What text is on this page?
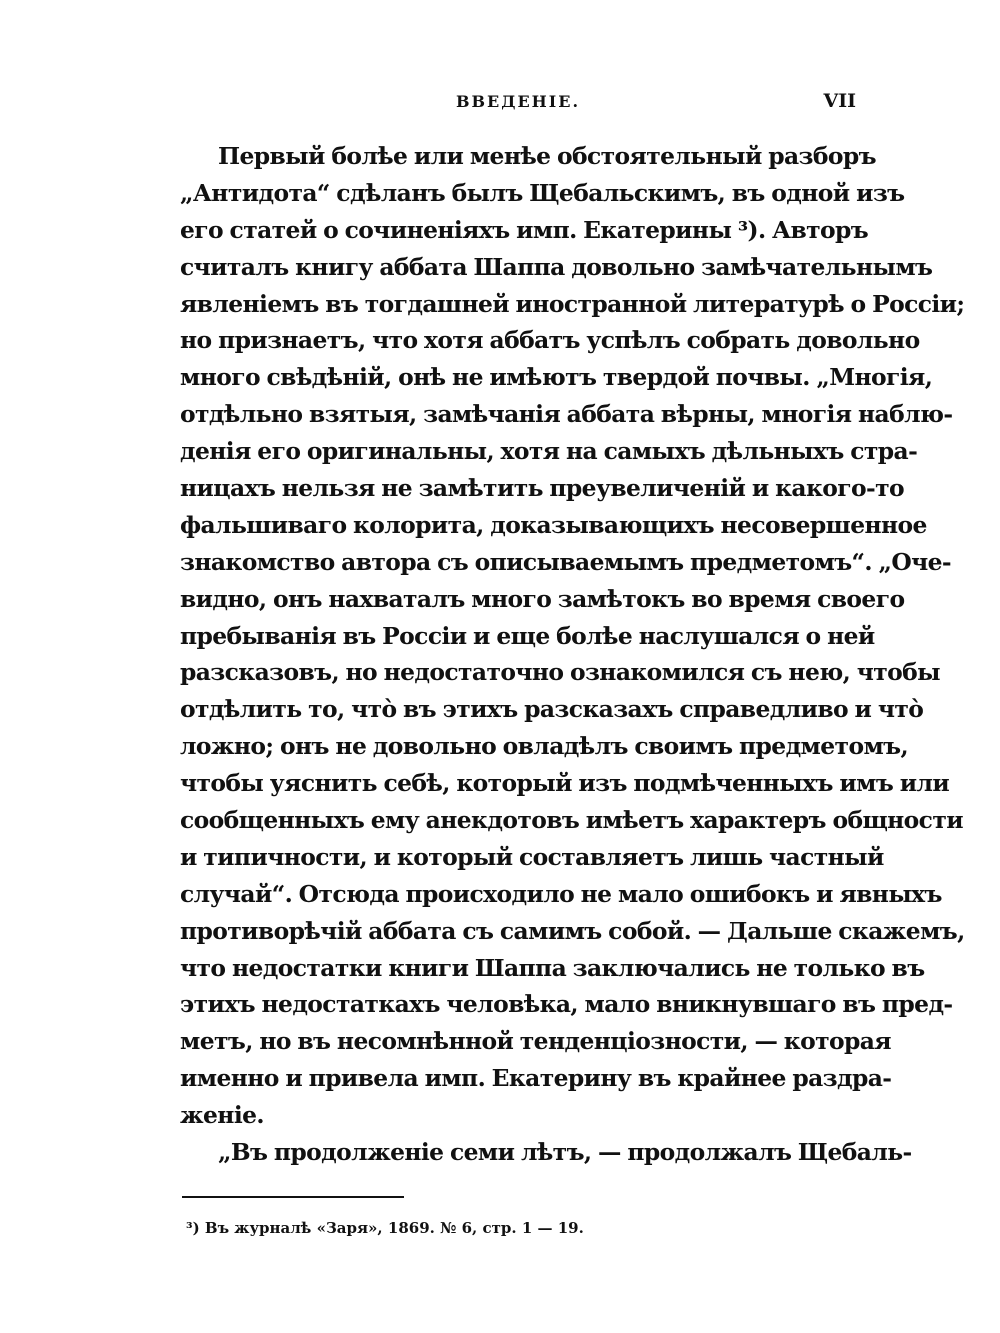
ВВЕДЕНІЕ.	VII
Первый болѣе или менѣе обстоятельный разборъ
„Антидота“ сдѣланъ былъ Щебальскимъ, въ одной изъ
его статей о сочиненіяхъ имп. Екатерины ³). Авторъ
считалъ книгу аббата Шаппа довольно замѣчательнымъ
явленіемъ въ тогдашней иностранной литературѣ о Россіи;
но признаетъ, что хотя аббатъ успѣлъ собрать довольно
много свѣдѣній, онѣ не имѣютъ твердой почвы. „Многія,
отдѣльно взятыя, замѣчанія аббата вѣрны, многія наблю-
денія его оригинальны, хотя на самыхъ дѣльныхъ стра-
ницахъ нельзя не замѣтить преувеличеній и какого-то
фальшиваго колорита, доказывающихъ несовершенное
знакомство автора съ описываемымъ предметомъ“. „Оче-
видно, онъ нахваталъ много замѣтокъ во время своего
пребыванія въ Россіи и еще болѣе наслушался о ней
разсказовъ, но недостаточно ознакомился съ нею, чтобы
отдѣлить то, что̀ въ этихъ разсказахъ справедливо и что̀
ложно; онъ не довольно овладѣлъ своимъ предметомъ,
чтобы уяснить себѣ, который изъ подмѣченныхъ имъ или
сообщенныхъ ему анекдотовъ имѣетъ характеръ общности
и типичности, и который составляетъ лишь частный
случай“. Отсюда происходило не мало ошибокъ и явныхъ
противорѣчій аббата съ самимъ собой. — Дальше скажемъ,
что недостатки книги Шаппа заключались не только въ
этихъ недостаткахъ человѣка, мало вникнувшаго въ пред-
метъ, но въ несомнѣнной тенденціозности, — которая
именно и привела имп. Екатерину въ крайнее раздра-
женіе.
„Въ продолженіе семи лѣтъ, — продолжалъ Щебаль-
³) Въ журналѣ «Заря», 1869. № 6, стр. 1 — 19.
